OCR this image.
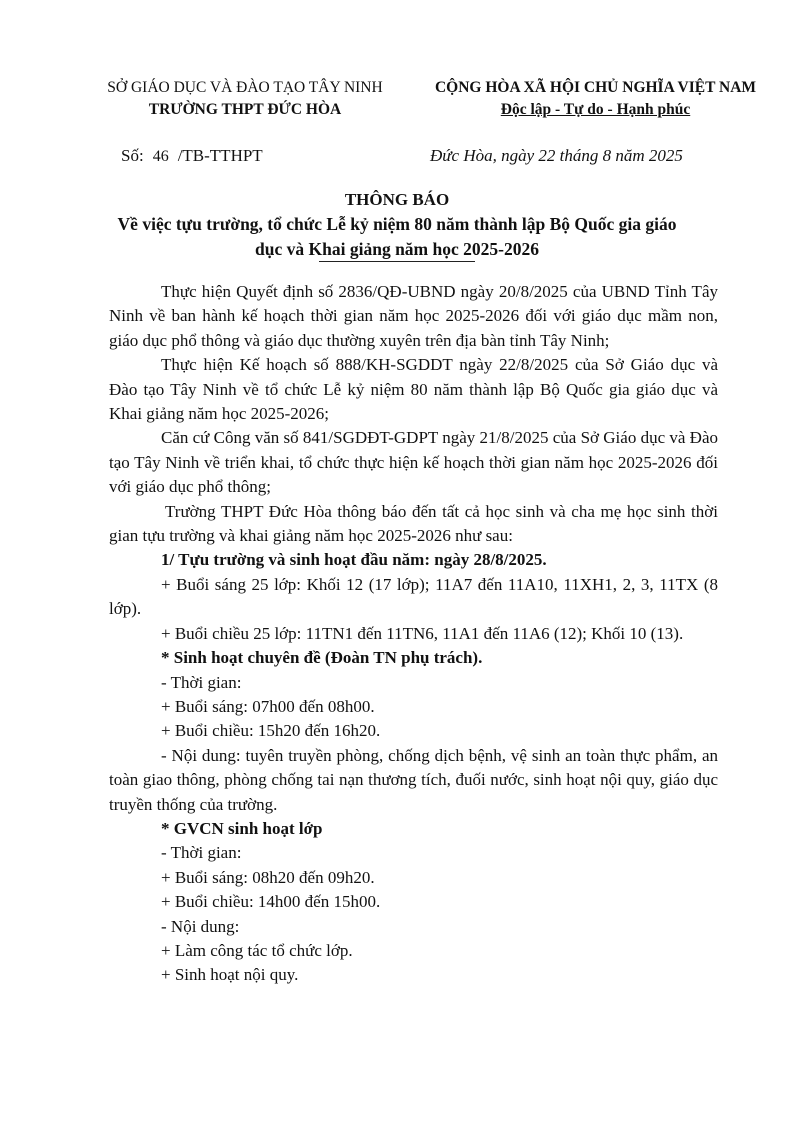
SỞ GIÁO DỤC VÀ ĐÀO TẠO TÂY NINH
TRƯỜNG THPT ĐỨC HÒA
CỘNG HÒA XÃ HỘI CHỦ NGHĨA VIỆT NAM
Độc lập - Tự do - Hạnh phúc
Số: 46 /TB-TTHPT	Đức Hòa, ngày 22 tháng 8 năm 2025
THÔNG BÁO
Về việc tựu trường, tổ chức Lễ kỷ niệm 80 năm thành lập Bộ Quốc gia giáo
dục và Khai giảng năm học 2025-2026

Thực hiện Quyết định số 2836/QĐ-UBND ngày 20/8/2025 của UBND Tỉnh Tây Ninh về ban hành kế hoạch thời gian năm học 2025-2026 đối với giáo dục mầm non, giáo dục phổ thông và giáo dục thường xuyên trên địa bàn tỉnh Tây Ninh;

Thực hiện Kế hoạch số 888/KH-SGDDT ngày 22/8/2025 của Sở Giáo dục và Đào tạo Tây Ninh về tổ chức Lễ kỷ niệm 80 năm thành lập Bộ Quốc gia giáo dục và Khai giảng năm học 2025-2026;

Căn cứ Công văn số 841/SGDĐT-GDPT ngày 21/8/2025 của Sở Giáo dục và Đào tạo Tây Ninh về triển khai, tổ chức thực hiện kế hoạch thời gian năm học 2025-2026 đối với giáo dục phổ thông;

Trường THPT Đức Hòa thông báo đến tất cả học sinh và cha mẹ học sinh thời gian tựu trường và khai giảng năm học 2025-2026 như sau:

1/ Tựu trường và sinh hoạt đầu năm: ngày 28/8/2025.

+ Buổi sáng 25 lớp: Khối 12 (17 lớp); 11A7 đến 11A10, 11XH1, 2, 3, 11TX (8 lớp).

+ Buổi chiều 25 lớp: 11TN1 đến 11TN6, 11A1 đến 11A6 (12); Khối 10 (13).

* Sinh hoạt chuyên đề (Đoàn TN phụ trách).

- Thời gian:

+ Buổi sáng: 07h00 đến 08h00.

+ Buổi chiều: 15h20 đến 16h20.

- Nội dung: tuyên truyền phòng, chống dịch bệnh, vệ sinh an toàn thực phẩm, an toàn giao thông, phòng chống tai nạn thương tích, đuối nước, sinh hoạt nội quy, giáo dục truyền thống của trường.

* GVCN sinh hoạt lớp

- Thời gian:

+ Buổi sáng: 08h20 đến 09h20.

+ Buổi chiều: 14h00 đến 15h00.

- Nội dung:

+ Làm công tác tổ chức lớp.

+ Sinh hoạt nội quy.
